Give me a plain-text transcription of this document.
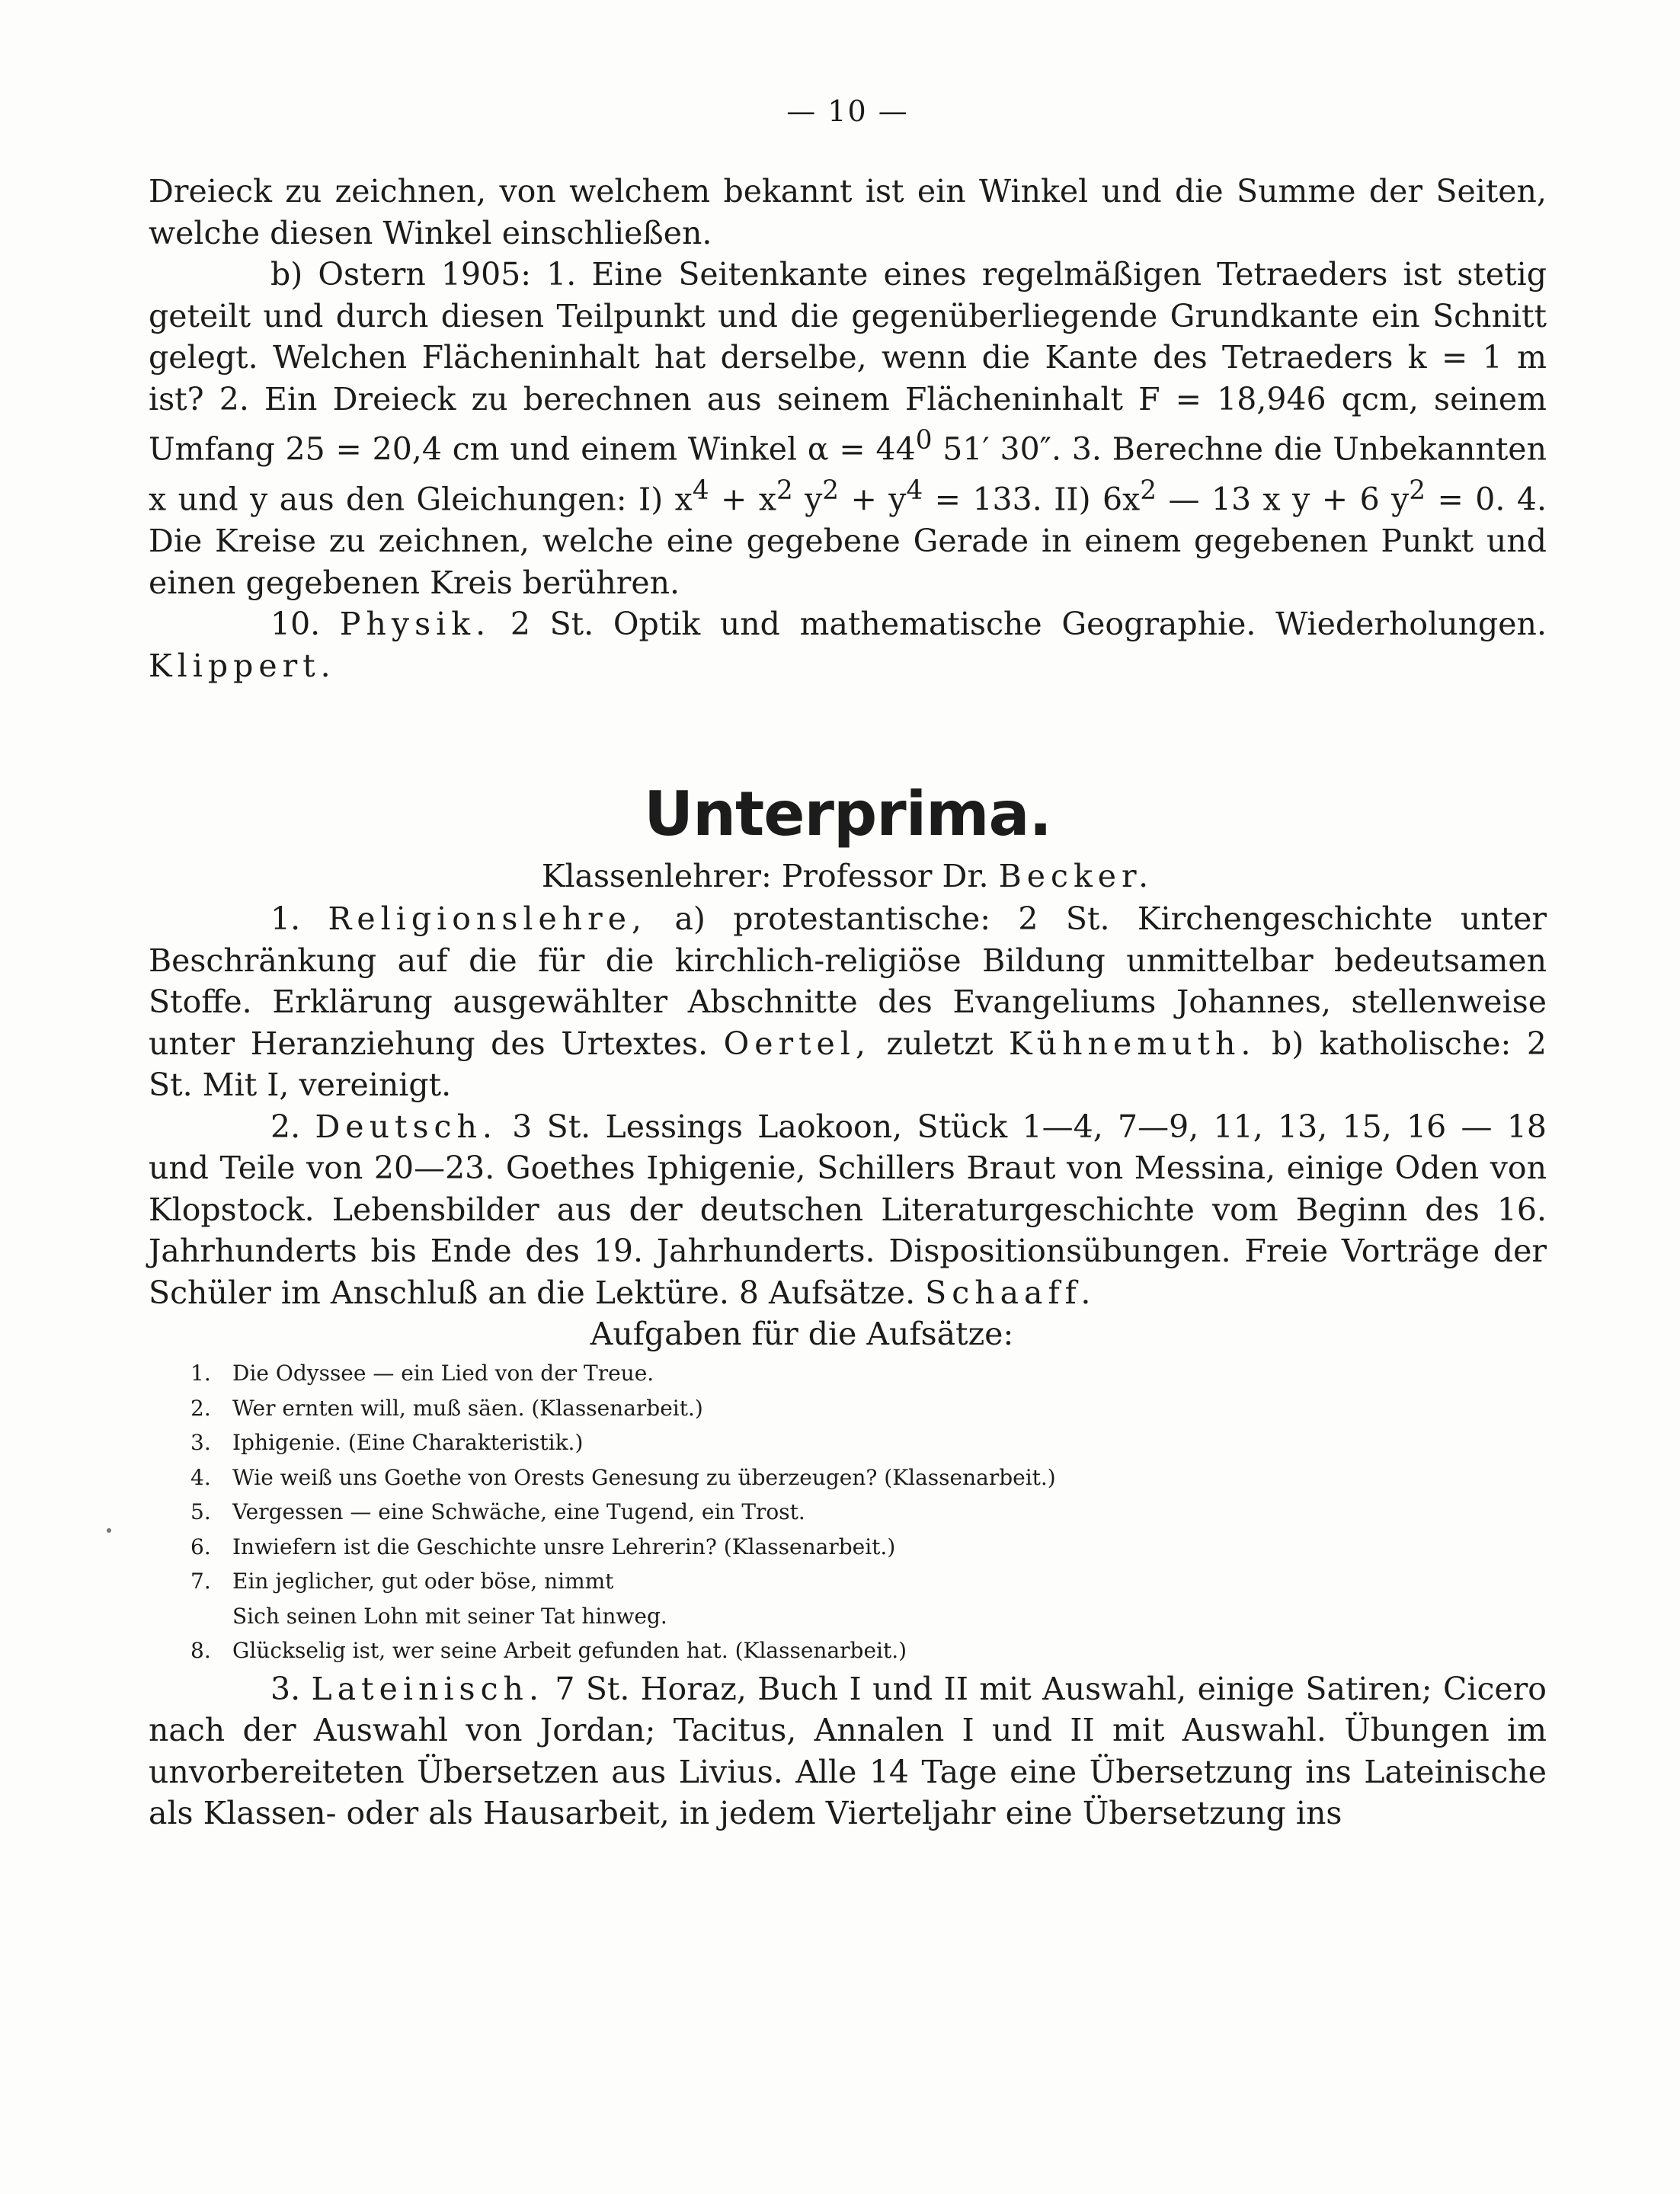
— 10 —

Dreieck zu zeichnen, von welchem bekannt ist ein Winkel und die Summe der Seiten, welche diesen Winkel einschließen.

b) Ostern 1905: 1. Eine Seitenkante eines regelmäßigen Tetraeders ist stetig geteilt und durch diesen Teilpunkt und die gegenüberliegende Grundkante ein Schnitt gelegt. Welchen Flächeninhalt hat derselbe, wenn die Kante des Tetraeders k = 1 m ist? 2. Ein Dreieck zu berechnen aus seinem Flächeninhalt F = 18,946 qcm, seinem Umfang 25 = 20,4 cm und einem Winkel $\alpha = 44^0$ 51′ 30″. 3. Berechne die Unbekannten x und y aus den Gleichungen: I) $x^4 + x^2$ $y^2 + y^4 = 133$. II) $6x^2$ — 13 x y + 6 $y^2 = 0$. 4. Die Kreise zu zeichnen, welche eine gegebene Gerade in einem gegebenen Punkt und einen gegebenen Kreis berühren.

10. Physik. 2 St. Optik und mathematische Geographie. Wiederholungen. Klippert.

Unterprima.
Klassenlehrer: Professor Dr. Becker.

1. Religionslehre, a) protestantische: 2 St. Kirchengeschichte unter Beschränkung auf die für die kirchlich-religiöse Bildung unmittelbar bedeutsamen Stoffe. Erklärung ausgewählter Abschnitte des Evangeliums Johannes, stellenweise unter Heranziehung des Urtextes. Oertel, zuletzt Kühnemuth. b) katholische: 2 St. Mit I, vereinigt.

2. Deutsch. 3 St. Lessings Laokoon, Stück 1—4, 7—9, 11, 13, 15, 16 — 18 und Teile von 20—23. Goethes Iphigenie, Schillers Braut von Messina, einige Oden von Klopstock. Lebensbilder aus der deutschen Literaturgeschichte vom Beginn des 16. Jahrhunderts bis Ende des 19. Jahrhunderts. Dispositionsübungen. Freie Vorträge der Schüler im Anschluß an die Lektüre. 8 Aufsätze. Schaaff.

Aufgaben für die Aufsätze:
1.	Die Odyssee — ein Lied von der Treue.
2.	Wer ernten will, muß säen. (Klassenarbeit.)
3.	Iphigenie. (Eine Charakteristik.)
4.	Wie weiß uns Goethe von Orests Genesung zu überzeugen? (Klassenarbeit.)
5.	Vergessen — eine Schwäche, eine Tugend, ein Trost.
6.	Inwiefern ist die Geschichte unsre Lehrerin? (Klassenarbeit.)
7.	Ein jeglicher, gut oder böse, nimmt
Sich seinen Lohn mit seiner Tat hinweg.
8.	Glückselig ist, wer seine Arbeit gefunden hat. (Klassenarbeit.)

3. Lateinisch. 7 St. Horaz, Buch I und II mit Auswahl, einige Satiren; Cicero nach der Auswahl von Jordan; Tacitus, Annalen I und II mit Auswahl. Übungen im unvorbereiteten Übersetzen aus Livius. Alle 14 Tage eine Übersetzung ins Lateinische als Klassen- oder als Hausarbeit, in jedem Vierteljahr eine Übersetzung ins
